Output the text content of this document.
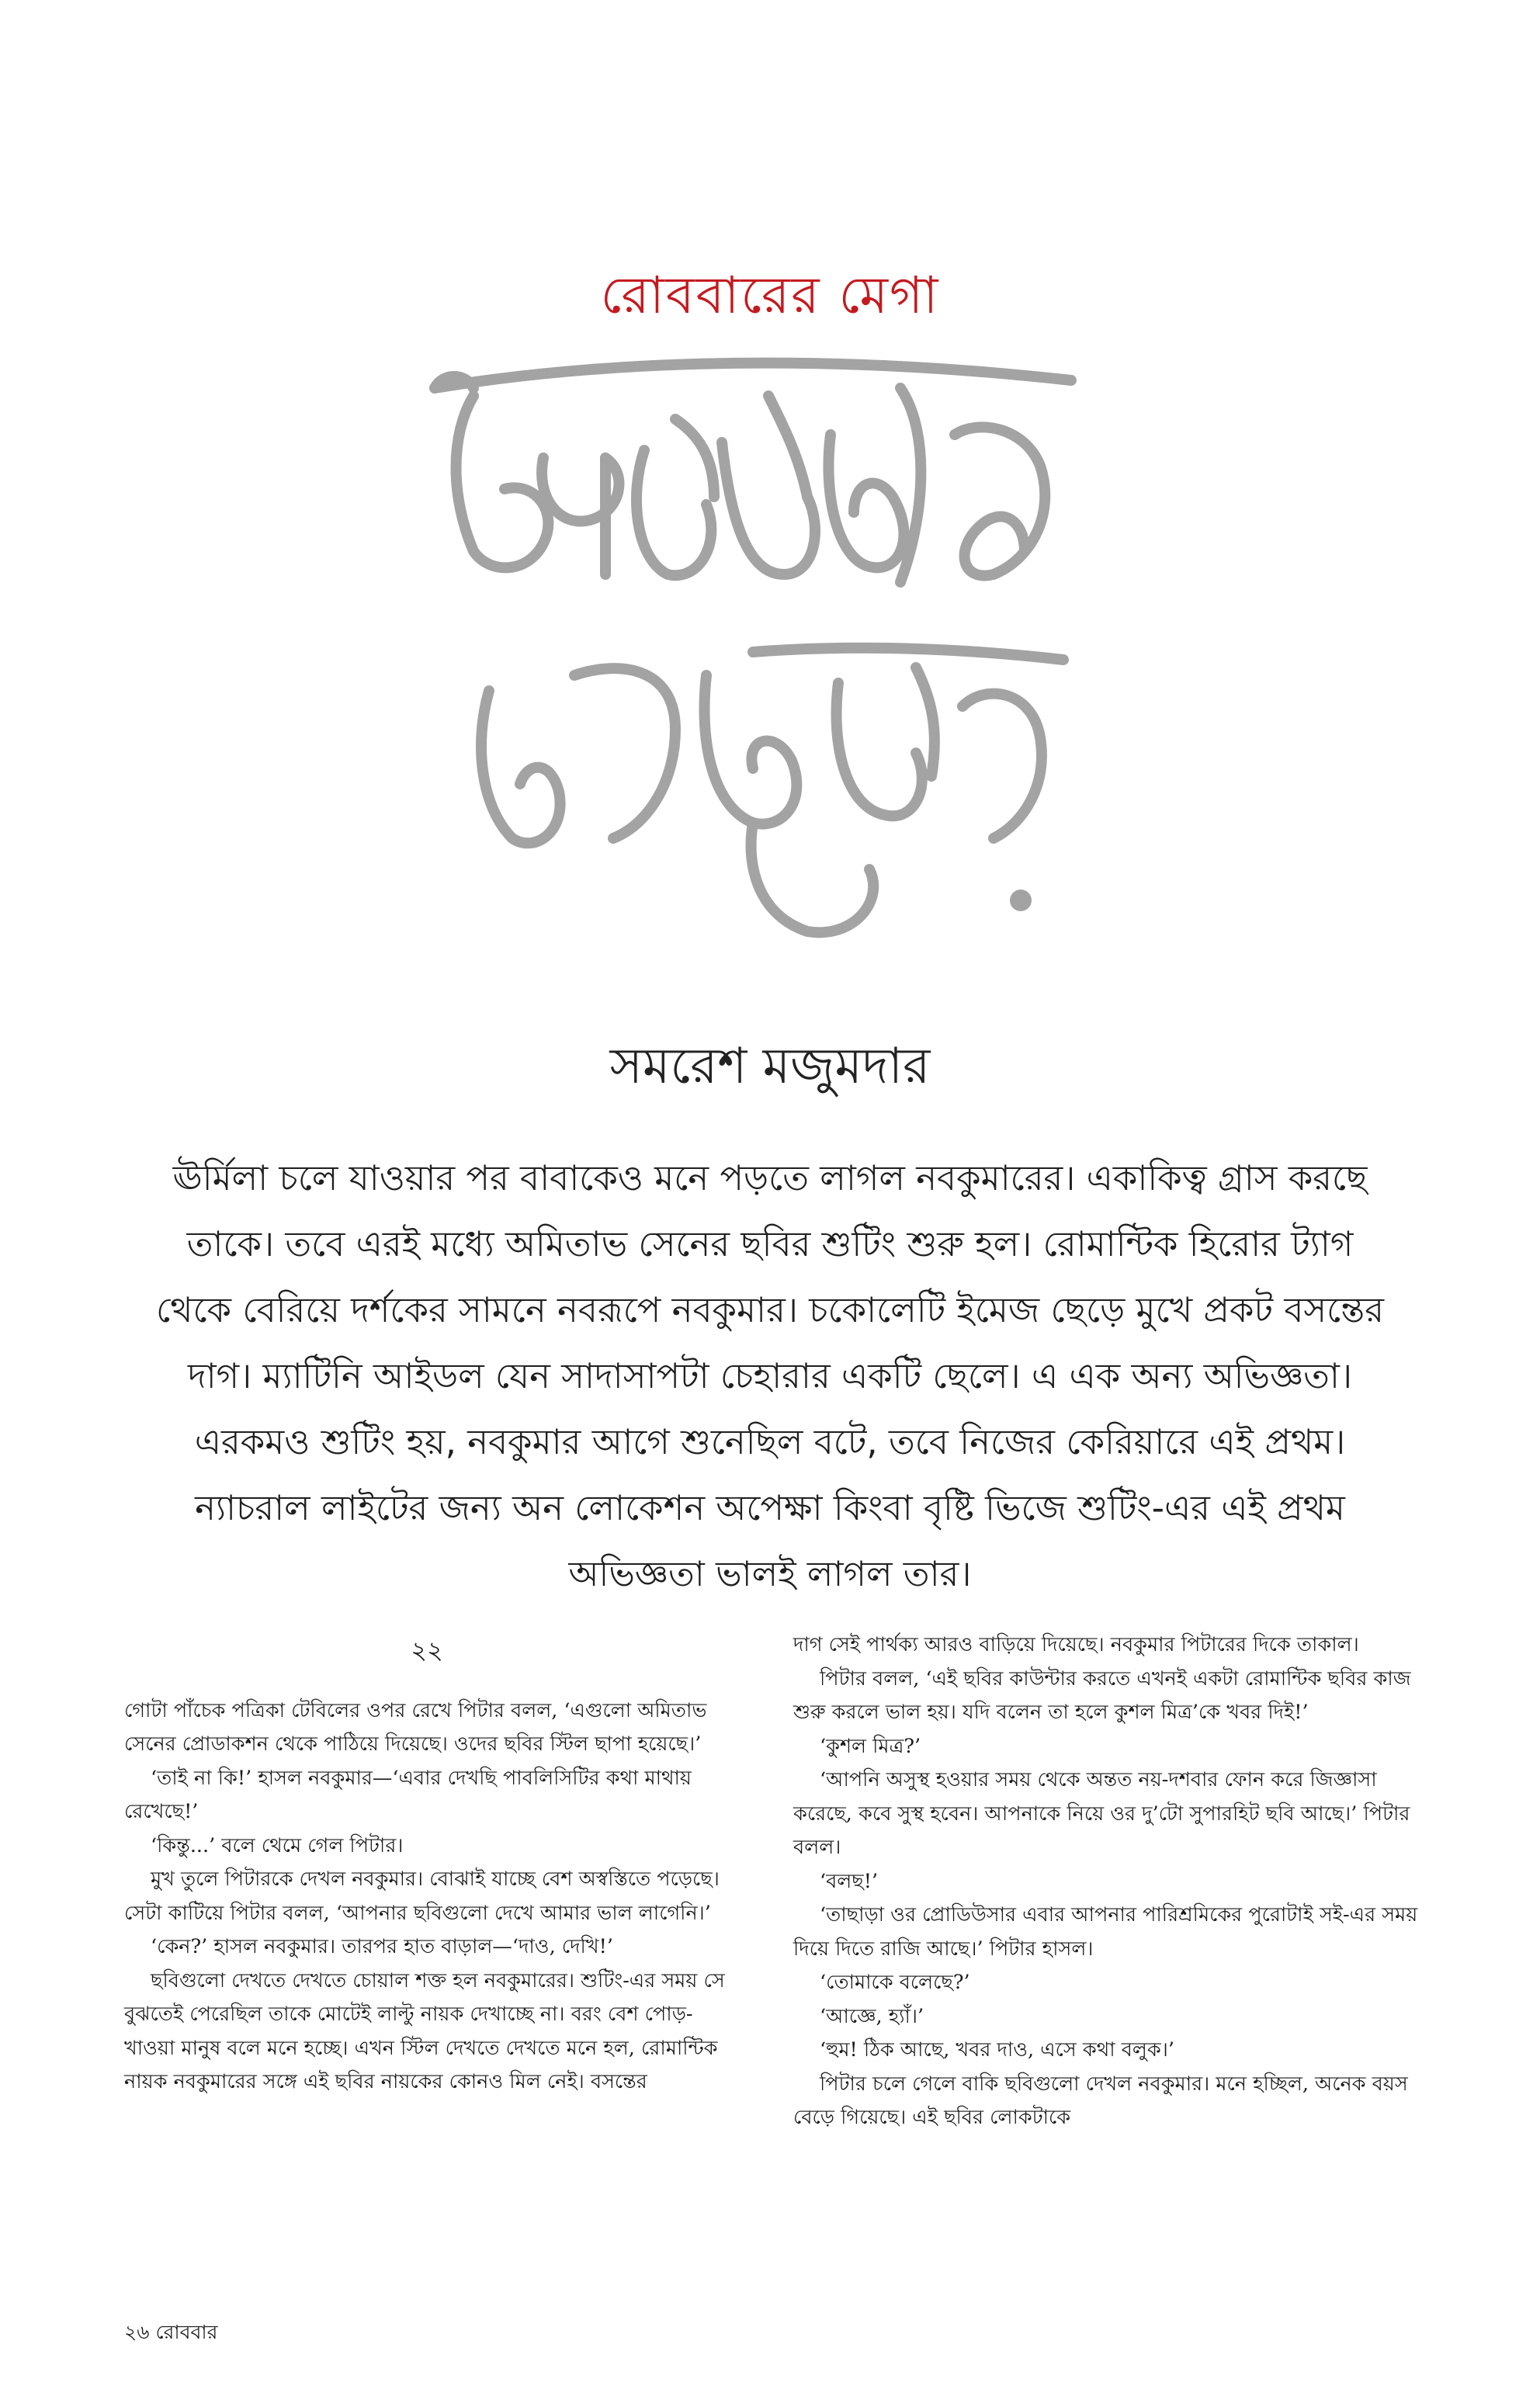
রোববারের মেগা
সমরেশ মজুমদার
ঊর্মিলা চলে যাওয়ার পর বাবাকেও মনে পড়তে লাগল নবকুমারের। একাকিত্ব গ্রাস করছে তাকে। তবে এরই মধ্যে অমিতাভ সেনের ছবির শুটিং শুরু হল। রোমান্টিক হিরোর ট্যাগ থেকে বেরিয়ে দর্শকের সামনে নবরূপে নবকুমার। চকোলেটি ইমেজ ছেড়ে মুখে প্রকট বসন্তের দাগ। ম্যাটিনি আইডল যেন সাদাসাপটা চেহারার একটি ছেলে। এ এক অন্য অভিজ্ঞতা। এরকমও শুটিং হয়, নবকুমার আগে শুনেছিল বটে, তবে নিজের কেরিয়ারে এই প্রথম। ন্যাচরাল লাইটের জন্য অন লোকেশন অপেক্ষা কিংবা বৃষ্টি ভিজে শুটিং-এর এই প্রথম অভিজ্ঞতা ভালই লাগল তার।
২২

গোটা পাঁচেক পত্রিকা টেবিলের ওপর রেখে পিটার বলল, ‘এগুলো অমিতাভ সেনের প্রোডাকশন থেকে পাঠিয়ে দিয়েছে। ওদের ছবির স্টিল ছাপা হয়েছে।’

‘তাই না কি!’ হাসল নবকুমার—‘এবার দেখছি পাবলিসিটির কথা মাথায় রেখেছে!’

‘কিন্তু...’ বলে থেমে গেল পিটার।

মুখ তুলে পিটারকে দেখল নবকুমার। বোঝাই যাচ্ছে বেশ অস্বস্তিতে পড়েছে। সেটা কাটিয়ে পিটার বলল, ‘আপনার ছবিগুলো দেখে আমার ভাল লাগেনি।’

‘কেন?’ হাসল নবকুমার। তারপর হাত বাড়াল—‘দাও, দেখি!’

ছবিগুলো দেখতে দেখতে চোয়াল শক্ত হল নবকুমারের। শুটিং-এর সময় সে বুঝতেই পেরেছিল তাকে মোটেই লাল্টু নায়ক দেখাচ্ছে না। বরং বেশ পোড়-খাওয়া মানুষ বলে মনে হচ্ছে। এখন স্টিল দেখতে দেখতে মনে হল, রোমান্টিক নায়ক নবকুমারের সঙ্গে এই ছবির নায়কের কোনও মিল নেই। বসন্তের

দাগ সেই পার্থক্য আরও বাড়িয়ে দিয়েছে। নবকুমার পিটারের দিকে তাকাল।

পিটার বলল, ‘এই ছবির কাউন্টার করতে এখনই একটা রোমান্টিক ছবির কাজ শুরু করলে ভাল হয়। যদি বলেন তা হলে কুশল মিত্র’কে খবর দিই!’

‘কুশল মিত্র?’

‘আপনি অসুস্থ হওয়ার সময় থেকে অন্তত নয়-দশবার ফোন করে জিজ্ঞাসা করেছে, কবে সুস্থ হবেন। আপনাকে নিয়ে ওর দু’টো সুপারহিট ছবি আছে।’ পিটার বলল।

‘বলছ!’

‘তাছাড়া ওর প্রোডিউসার এবার আপনার পারিশ্রমিকের পুরোটাই সই-এর সময় দিয়ে দিতে রাজি আছে।’ পিটার হাসল।

‘তোমাকে বলেছে?’

‘আজ্ঞে, হ্যাঁ।’

‘হুম! ঠিক আছে, খবর দাও, এসে কথা বলুক।’

পিটার চলে গেলে বাকি ছবিগুলো দেখল নবকুমার। মনে হচ্ছিল, অনেক বয়স বেড়ে গিয়েছে। এই ছবির লোকটাকে

২৬ রোববার
